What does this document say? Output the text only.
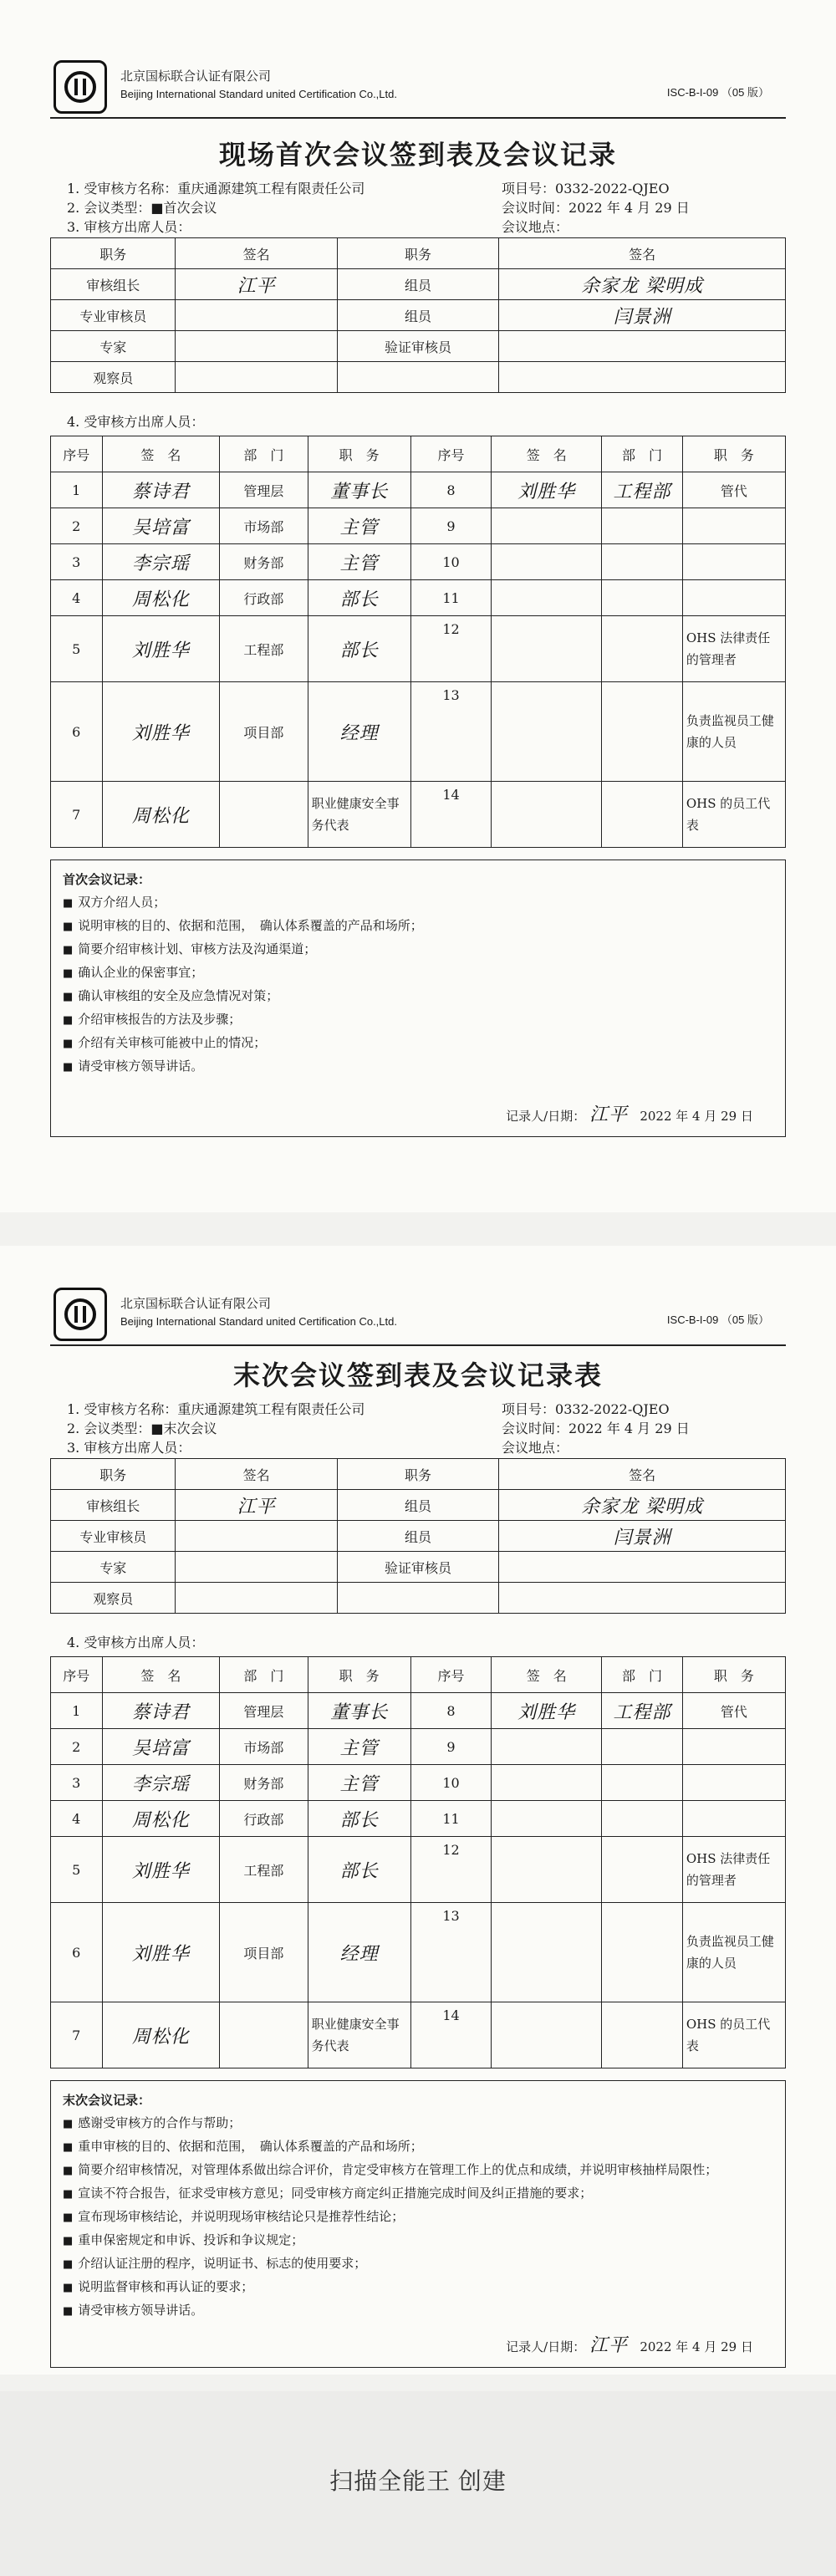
北京国标联合认证有限公司
Beijing International Standard united Certification Co.,Ltd.	ISC-B-I-09 （05 版）
现场首次会议签到表及会议记录
1. 受审核方名称：重庆通源建筑工程有限责任公司	项目号：0332-2022-QJEO
2. 会议类型：■首次会议	会议时间：2022 年 4 月 29 日
3. 审核方出席人员：	会议地点：
职务	签名	职务	签名
审核组长	江平	组员	余家龙 梁明成
专业审核员		组员	闫景洲
专家		验证审核员	
观察员			
4. 受审核方出席人员：
序号	签　名	部　门	职　务	序号	签　名	部　门	职　务
1	蔡诗君	管理层	董事长	8	刘胜华	工程部	管代
2	吴培富	市场部	主管	9			
3	李宗瑶	财务部	主管	10			
4	周松化	行政部	部长	11			
5	刘胜华	工程部	部长	12			OHS 法律责任的管理者
6	刘胜华	项目部	经理	13			负责监视员工健康的人员
7	周松化		职业健康安全事务代表	14			OHS 的员工代表
首次会议记录：
■ 双方介绍人员；
■ 说明审核的目的、依据和范围，　确认体系覆盖的产品和场所；
■ 简要介绍审核计划、审核方法及沟通渠道；
■ 确认企业的保密事宜；
■ 确认审核组的安全及应急情况对策；
■ 介绍审核报告的方法及步骤；
■ 介绍有关审核可能被中止的情况；
■ 请受审核方领导讲话。
记录人/日期： 江平 2022 年 4 月 29 日
北京国标联合认证有限公司
Beijing International Standard united Certification Co.,Ltd.	ISC-B-I-09 （05 版）
末次会议签到表及会议记录表
1. 受审核方名称：重庆通源建筑工程有限责任公司	项目号：0332-2022-QJEO
2. 会议类型：■末次会议	会议时间：2022 年 4 月 29 日
3. 审核方出席人员：	会议地点：
职务	签名	职务	签名
审核组长	江平	组员	余家龙 梁明成
专业审核员		组员	闫景洲
专家		验证审核员	
观察员			
4. 受审核方出席人员：
序号	签　名	部　门	职　务	序号	签　名	部　门	职　务
1	蔡诗君	管理层	董事长	8	刘胜华	工程部	管代
2	吴培富	市场部	主管	9			
3	李宗瑶	财务部	主管	10			
4	周松化	行政部	部长	11			
5	刘胜华	工程部	部长	12			OHS 法律责任的管理者
6	刘胜华	项目部	经理	13			负责监视员工健康的人员
7	周松化		职业健康安全事务代表	14			OHS 的员工代表
末次会议记录：
■ 感谢受审核方的合作与帮助；
■ 重申审核的目的、依据和范围，　确认体系覆盖的产品和场所；
■ 简要介绍审核情况，对管理体系做出综合评价，肯定受审核方在管理工作上的优点和成绩，并说明审核抽样局限性；
■ 宣读不符合报告，征求受审核方意见；同受审核方商定纠正措施完成时间及纠正措施的要求；
■ 宣布现场审核结论，并说明现场审核结论只是推荐性结论；
■ 重申保密规定和申诉、投诉和争议规定；
■ 介绍认证注册的程序，说明证书、标志的使用要求；
■ 说明监督审核和再认证的要求；
■ 请受审核方领导讲话。
记录人/日期： 江平 2022 年 4 月 29 日
扫描全能王 创建
